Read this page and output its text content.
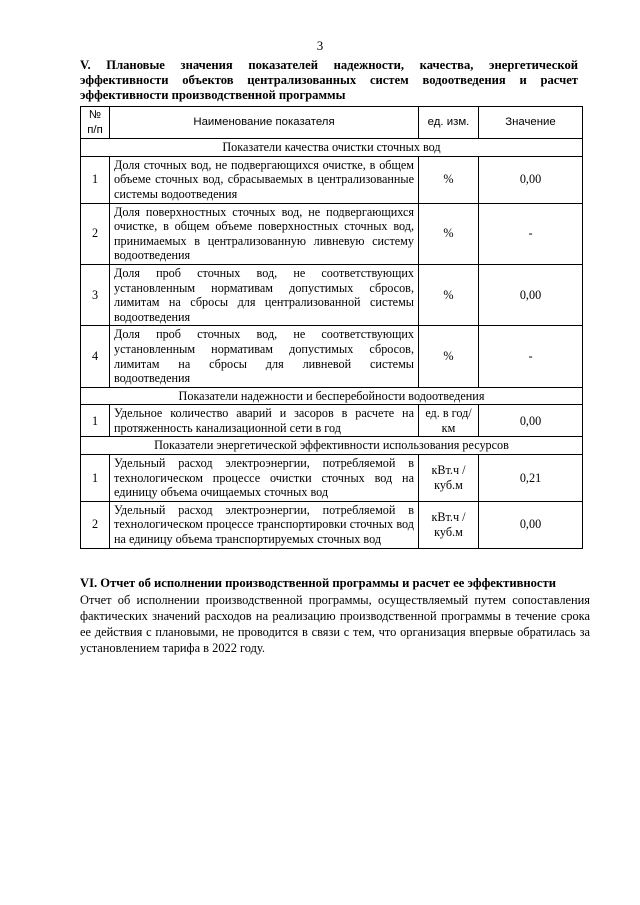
3
V. Плановые значения показателей надежности, качества, энергетической эффективности объектов централизованных систем водоотведения и расчет эффективности производственной программы
№ п/п	Наименование показателя	ед. изм.	Значение
Показатели качества очистки сточных вод			
1	Доля сточных вод, не подвергающихся очистке, в общем объеме сточных вод, сбрасываемых в централизованные системы водоотведения	%	0,00
2	Доля поверхностных сточных вод, не подвергающихся очистке, в общем объеме поверхностных сточных вод, принимаемых в централизованную ливневую систему водоотведения	%	-
3	Доля проб сточных вод, не соответствующих установленным нормативам допустимых сбросов, лимитам на сбросы для централизованной системы водоотведения	%	0,00
4	Доля проб сточных вод, не соответствующих установленным нормативам допустимых сбросов, лимитам на сбросы для ливневой системы водоотведения	%	-
Показатели надежности и бесперебойности водоотведения			
1	Удельное количество аварий и засоров в расчете на протяженность канализационной сети в год	ед. в год/ км	0,00
Показатели энергетической эффективности использования ресурсов			
1	Удельный расход электроэнергии, потребляемой в технологическом процессе очистки сточных вод на единицу объема очищаемых сточных вод	кВт.ч / куб.м	0,21
2	Удельный расход электроэнергии, потребляемой в технологическом процессе транспортировки сточных вод на единицу объема транспортируемых сточных вод	кВт.ч / куб.м	0,00
VI. Отчет об исполнении производственной программы и расчет ее эффективности
Отчет об исполнении производственной программы, осуществляемый путем сопоставления фактических значений расходов на реализацию производственной программы в течение срока ее действия с плановыми, не проводится в связи с тем, что организация впервые обратилась за установлением тарифа в 2022 году.
